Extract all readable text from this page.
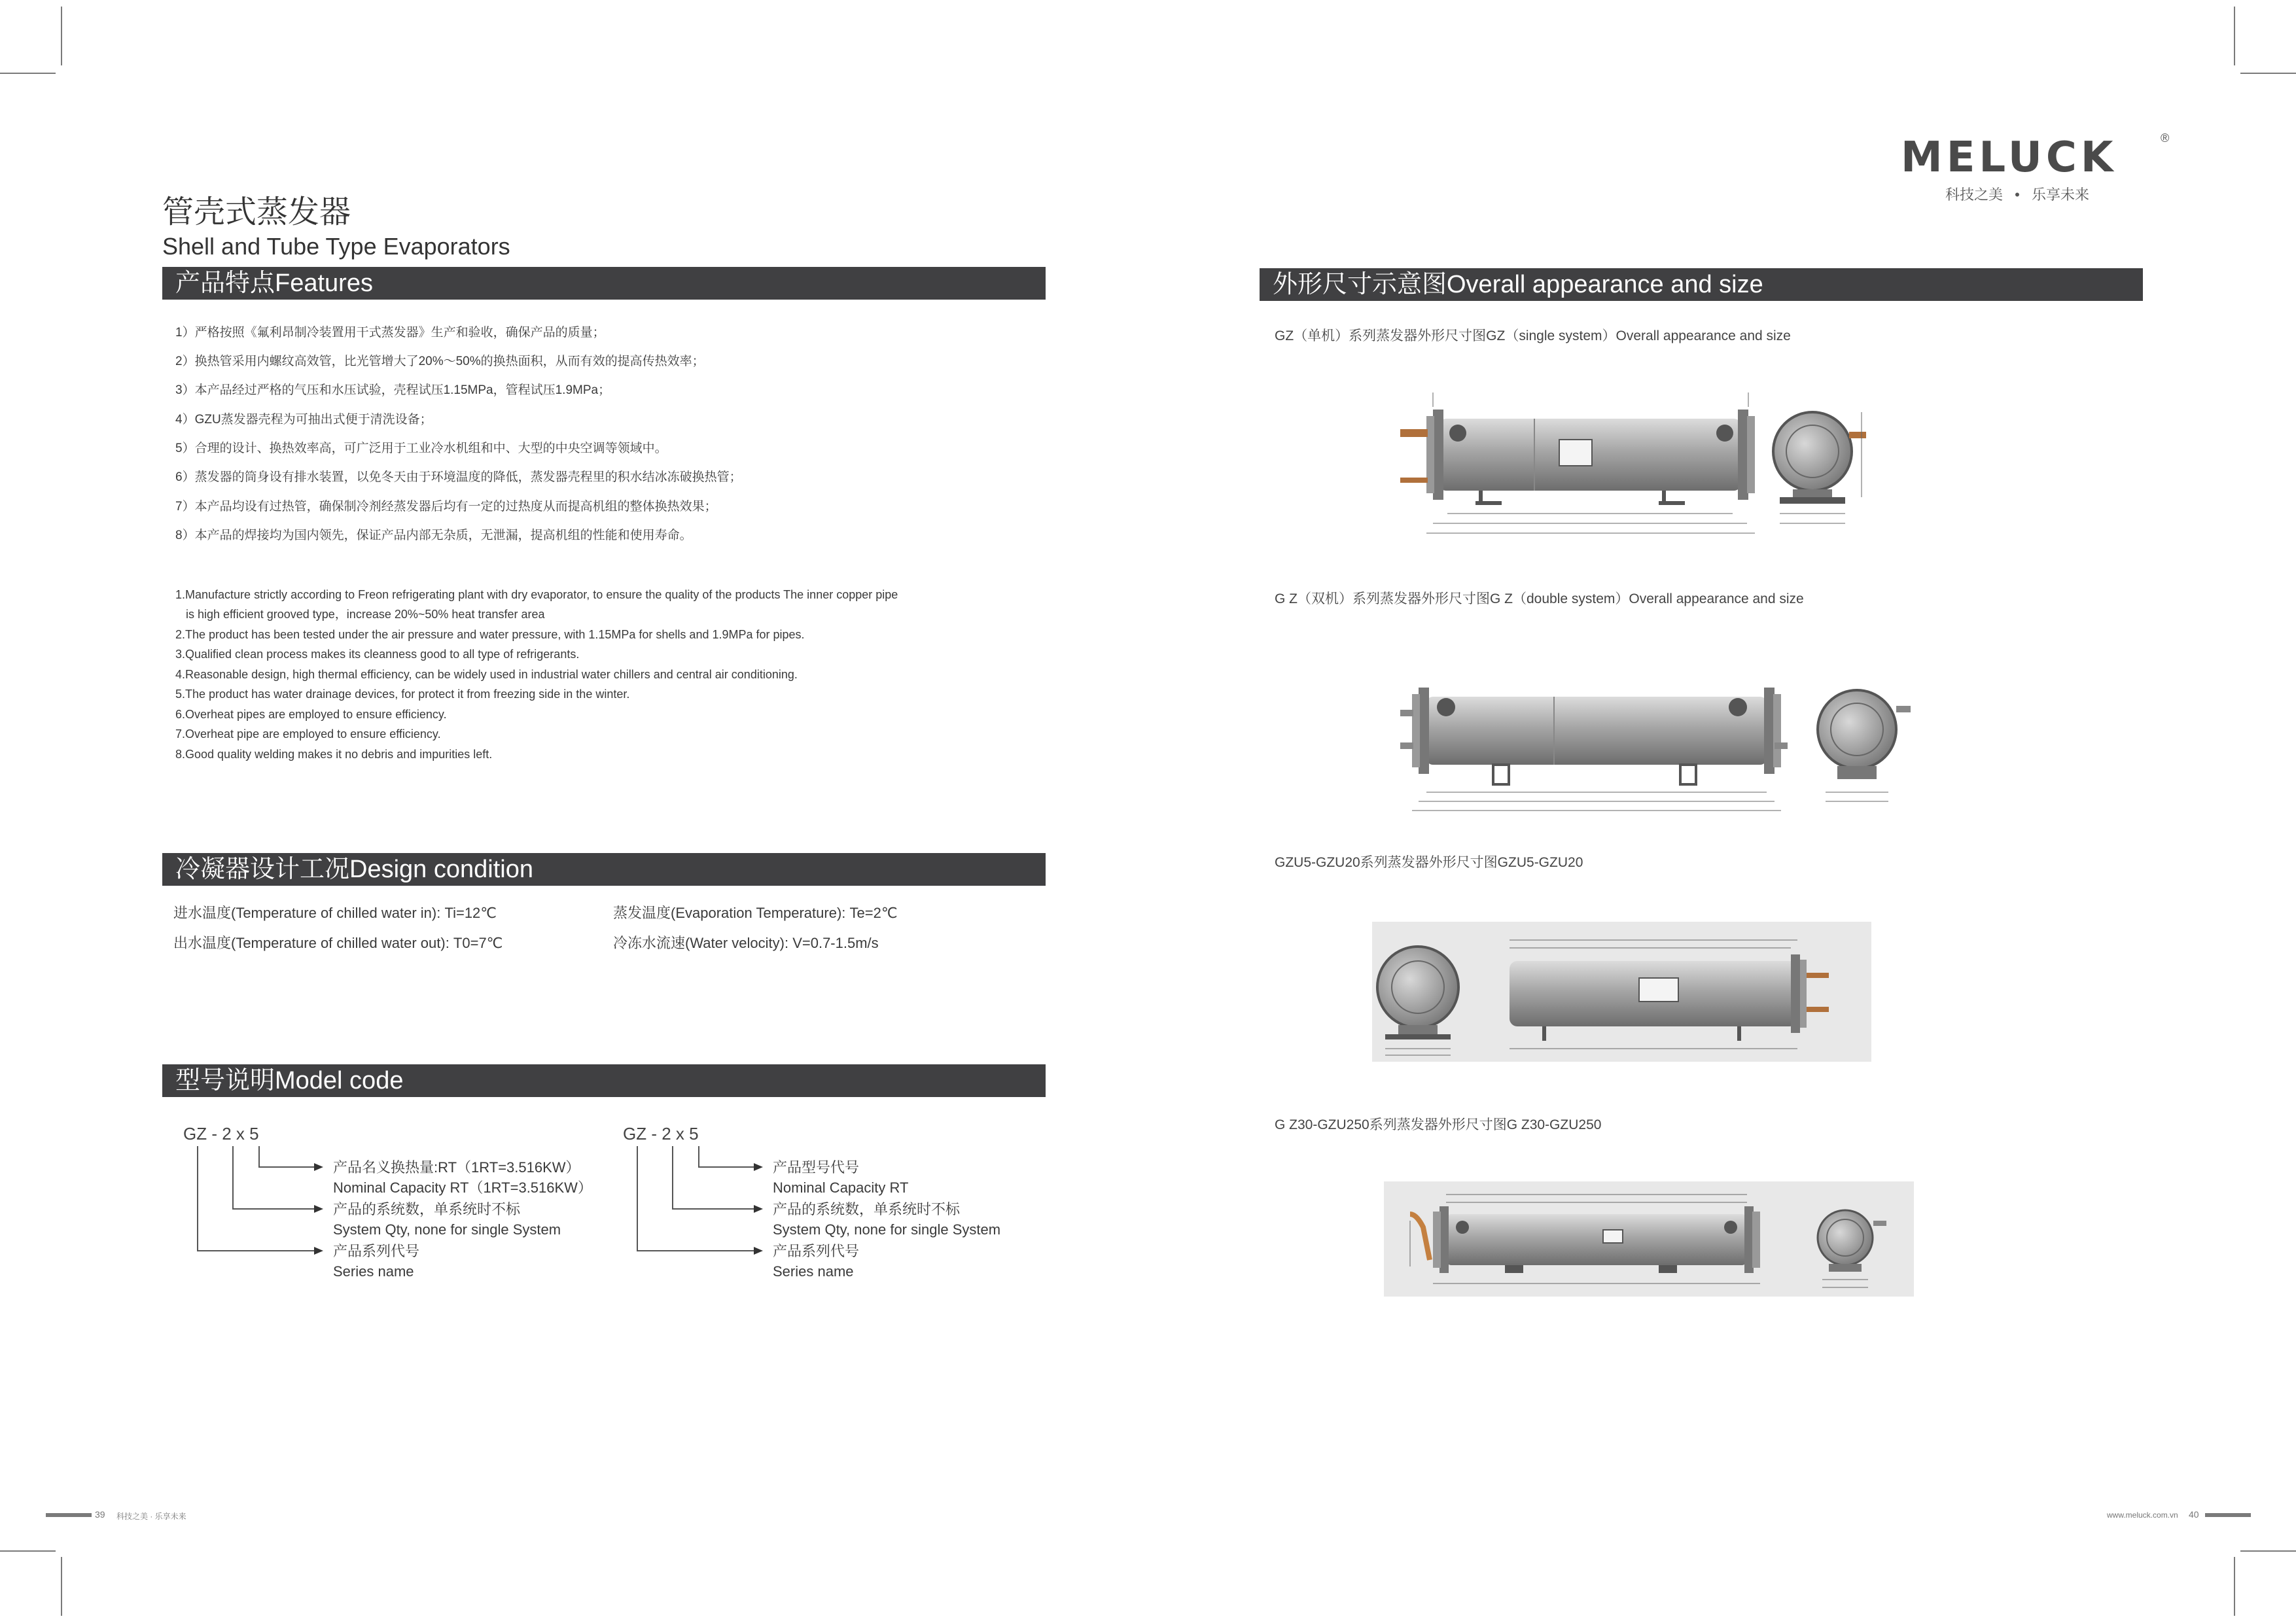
MELUCK	®
科技之美 • 乐享未来
管壳式蒸发器
Shell and Tube Type Evaporators
产品特点Features
1）严格按照《氟利昂制冷装置用干式蒸发器》生产和验收，确保产品的质量；
2）换热管采用内螺纹高效管，比光管增大了20%～50%的换热面积，从而有效的提高传热效率；
3）本产品经过严格的气压和水压试验，壳程试压1.15MPa，管程试压1.9MPa；
4）GZU蒸发器壳程为可抽出式便于清洗设备；
5）合理的设计、换热效率高，可广泛用于工业冷水机组和中、大型的中央空调等领域中。
6）蒸发器的筒身设有排水装置，以免冬天由于环境温度的降低，蒸发器壳程里的积水结冰冻破换热管；
7）本产品均设有过热管，确保制冷剂经蒸发器后均有一定的过热度从而提高机组的整体换热效果；
8）本产品的焊接均为国内领先，保证产品内部无杂质，无泄漏，提高机组的性能和使用寿命。
1.Manufacture strictly according to Freon refrigerating plant with dry evaporator, to ensure the quality of the products The inner copper pipe
is high efficient grooved type，increase 20%~50% heat transfer area
2.The product has been tested under the air pressure and water pressure, with 1.15MPa for shells and 1.9MPa for pipes.
3.Qualified clean process makes its cleanness good to all type of refrigerants.
4.Reasonable design, high thermal efficiency, can be widely used in industrial water chillers and central air conditioning.
5.The product has water drainage devices, for protect it from freezing side in the winter.
6.Overheat pipes are employed to ensure efficiency.
7.Overheat pipe are employed to ensure efficiency.
8.Good quality welding makes it no debris and impurities left.
冷凝器设计工况Design condition
进水温度(Temperature of chilled water in): Ti=12℃
出水温度(Temperature of chilled water out): T0=7℃
蒸发温度(Evaporation Temperature): Te=2℃
冷冻水流速(Water velocity): V=0.7-1.5m/s
型号说明Model code
GZ - 2 x 5
产品名义换热量:RT（1RT=3.516KW）
Nominal Capacity RT（1RT=3.516KW）
产品的系统数，单系统时不标
System Qty, none for single System
产品系列代号
Series name
GZ - 2 x 5
产品型号代号
Nominal Capacity RT
产品的系统数，单系统时不标
System Qty, none for single System
产品系列代号
Series name
外形尺寸示意图Overall appearance and size
GZ（单机）系列蒸发器外形尺寸图GZ（single system）Overall appearance and size
G Z（双机）系列蒸发器外形尺寸图G Z（double system）Overall appearance and size
GZU5-GZU20系列蒸发器外形尺寸图GZU5-GZU20
G Z30-GZU250系列蒸发器外形尺寸图G Z30-GZU250
39 科技之美 · 乐享未来	www.meluck.com.vn 40
